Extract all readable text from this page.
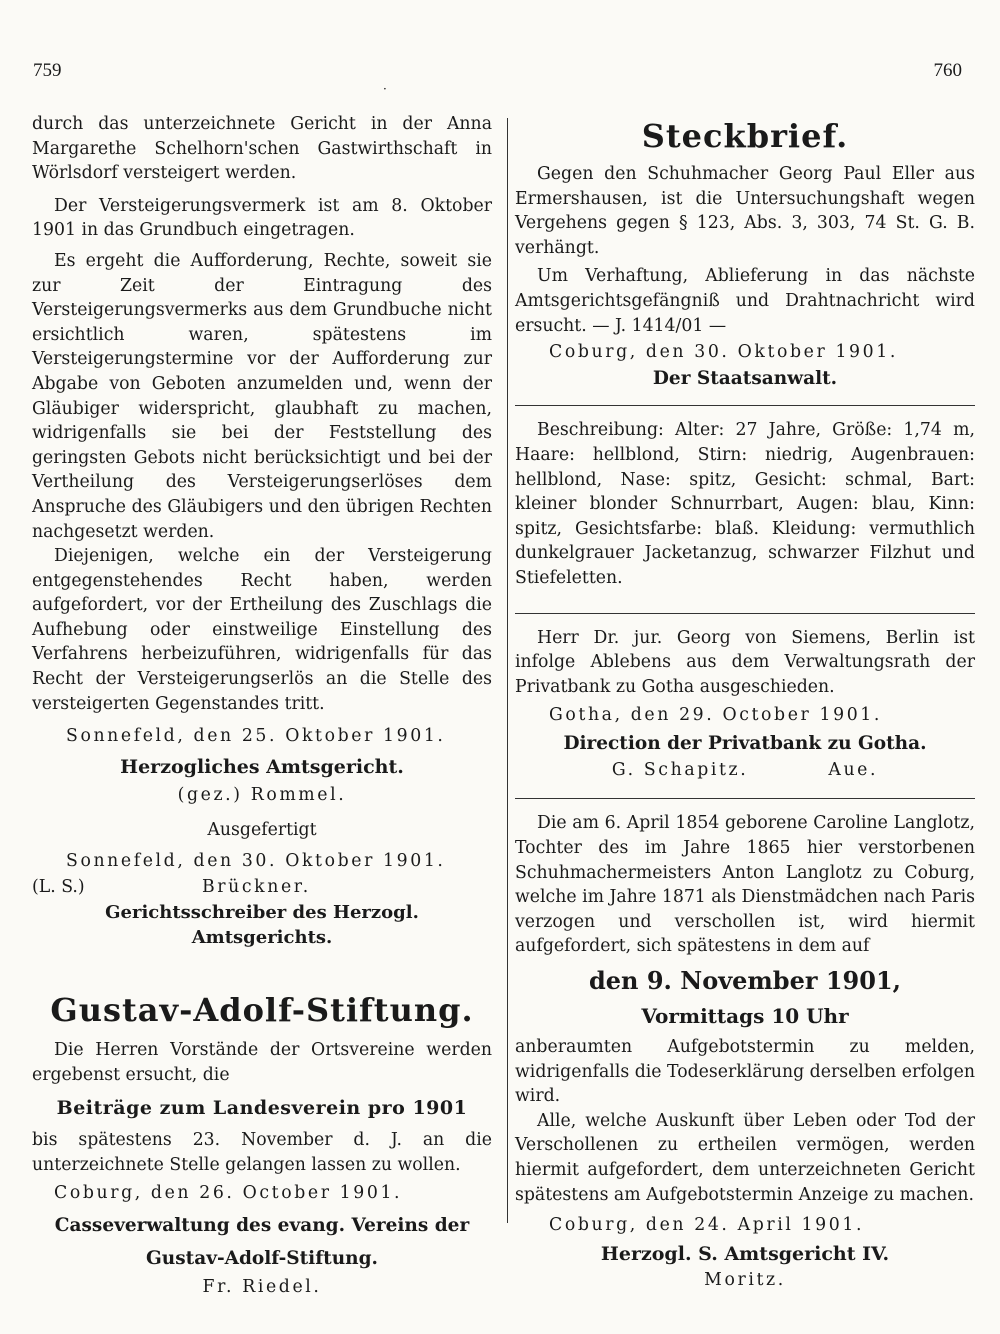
759
·
760

durch das unterzeichnete Gericht in der Anna Margarethe Schelhorn'schen Gastwirthschaft in Wörlsdorf versteigert werden.

Der Versteigerungsvermerk ist am 8. Oktober 1901 in das Grundbuch eingetragen.

Es ergeht die Aufforderung, Rechte, soweit sie zur Zeit der Eintragung des Versteigerungsvermerks aus dem Grundbuche nicht ersichtlich waren, spätestens im Versteigerungstermine vor der Aufforderung zur Abgabe von Geboten anzumelden und, wenn der Gläubiger widerspricht, glaubhaft zu machen, widrigenfalls sie bei der Feststellung des geringsten Gebots nicht berücksichtigt und bei der Vertheilung des Versteigerungserlöses dem Anspruche des Gläubigers und den übrigen Rechten nachgesetzt werden.

Diejenigen, welche ein der Versteigerung entgegenstehendes Recht haben, werden aufgefordert, vor der Ertheilung des Zuschlags die Aufhebung oder einstweilige Einstellung des Verfahrens herbeizuführen, widrigenfalls für das Recht der Versteigerungserlös an die Stelle des versteigerten Gegenstandes tritt.

Sonnefeld, den 25. Oktober 1901.

Herzogliches Amtsgericht.

(gez.) Rommel.

Ausgefertigt

Sonnefeld, den 30. Oktober 1901.

(L. S.)	Brückner.

Gerichtsschreiber des Herzogl. Amtsgerichts.

Gustav-Adolf-Stiftung.

Die Herren Vorstände der Ortsvereine werden ergebenst ersucht, die

Beiträge zum Landesverein pro 1901

bis spätestens 23. November d. J. an die unterzeichnete Stelle gelangen lassen zu wollen.

Coburg, den 26. October 1901.

Casseverwaltung des evang. Vereins der

Gustav-Adolf-Stiftung.

Fr. Riedel.

Steckbrief.

Gegen den Schuhmacher Georg Paul Eller aus Ermershausen, ist die Untersuchungshaft wegen Vergehens gegen § 123, Abs. 3, 303, 74 St. G. B. verhängt.

Um Verhaftung, Ablieferung in das nächste Amtsgerichtsgefängniß und Drahtnachricht wird ersucht. — J. 1414/01 —

Coburg, den 30. Oktober 1901.

Der Staatsanwalt.

Beschreibung: Alter: 27 Jahre, Größe: 1,74 m, Haare: hellblond, Stirn: niedrig, Augenbrauen: hellblond, Nase: spitz, Gesicht: schmal, Bart: kleiner blonder Schnurrbart, Augen: blau, Kinn: spitz, Gesichtsfarbe: blaß. Kleidung: vermuthlich dunkelgrauer Jacketanzug, schwarzer Filzhut und Stiefeletten.

Herr Dr. jur. Georg von Siemens, Berlin ist infolge Ablebens aus dem Verwaltungsrath der Privatbank zu Gotha ausgeschieden.

Gotha, den 29. October 1901.

Direction der Privatbank zu Gotha.

G. Schapitz.	Aue.

Die am 6. April 1854 geborene Caroline Langlotz, Tochter des im Jahre 1865 hier verstorbenen Schuhmachermeisters Anton Langlotz zu Coburg, welche im Jahre 1871 als Dienstmädchen nach Paris verzogen und verschollen ist, wird hiermit aufgefordert, sich spätestens in dem auf

den 9. November 1901,

Vormittags 10 Uhr

anberaumten Aufgebotstermin zu melden, widrigenfalls die Todeserklärung derselben erfolgen wird.

Alle, welche Auskunft über Leben oder Tod der Verschollenen zu ertheilen vermögen, werden hiermit aufgefordert, dem unterzeichneten Gericht spätestens am Aufgebotstermin Anzeige zu machen.

Coburg, den 24. April 1901.

Herzogl. S. Amtsgericht IV.

Moritz.
